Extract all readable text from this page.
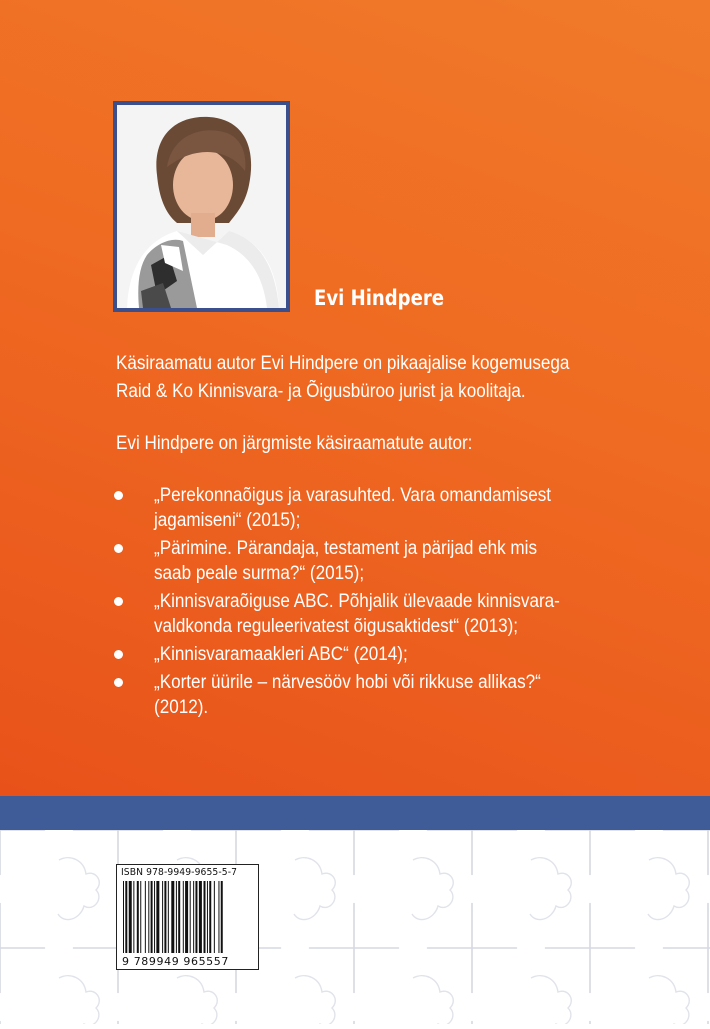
Evi Hindpere
Käsiraamatu autor Evi Hindpere on pikaajalise kogemusega
Raid & Ko Kinnisvara- ja Õigusbüroo jurist ja koolitaja.
Evi Hindpere on järgmiste käsiraamatute autor:
„Perekonnaõigus ja varasuhted. Vara omandamisest
jagamiseni“ (2015);
„Pärimine. Pärandaja, testament ja pärijad ehk mis
saab peale surma?“ (2015);
„Kinnisvaraõiguse ABC. Põhjalik ülevaade kinnisvara-
valdkonda reguleerivatest õigusaktidest“ (2013);
„Kinnisvaramaakleri ABC“ (2014);
„Korter üürile – närvesööv hobi või rikkuse allikas?“
(2012).
ISBN 978-9949-9655-5-7
9 789949 965557
